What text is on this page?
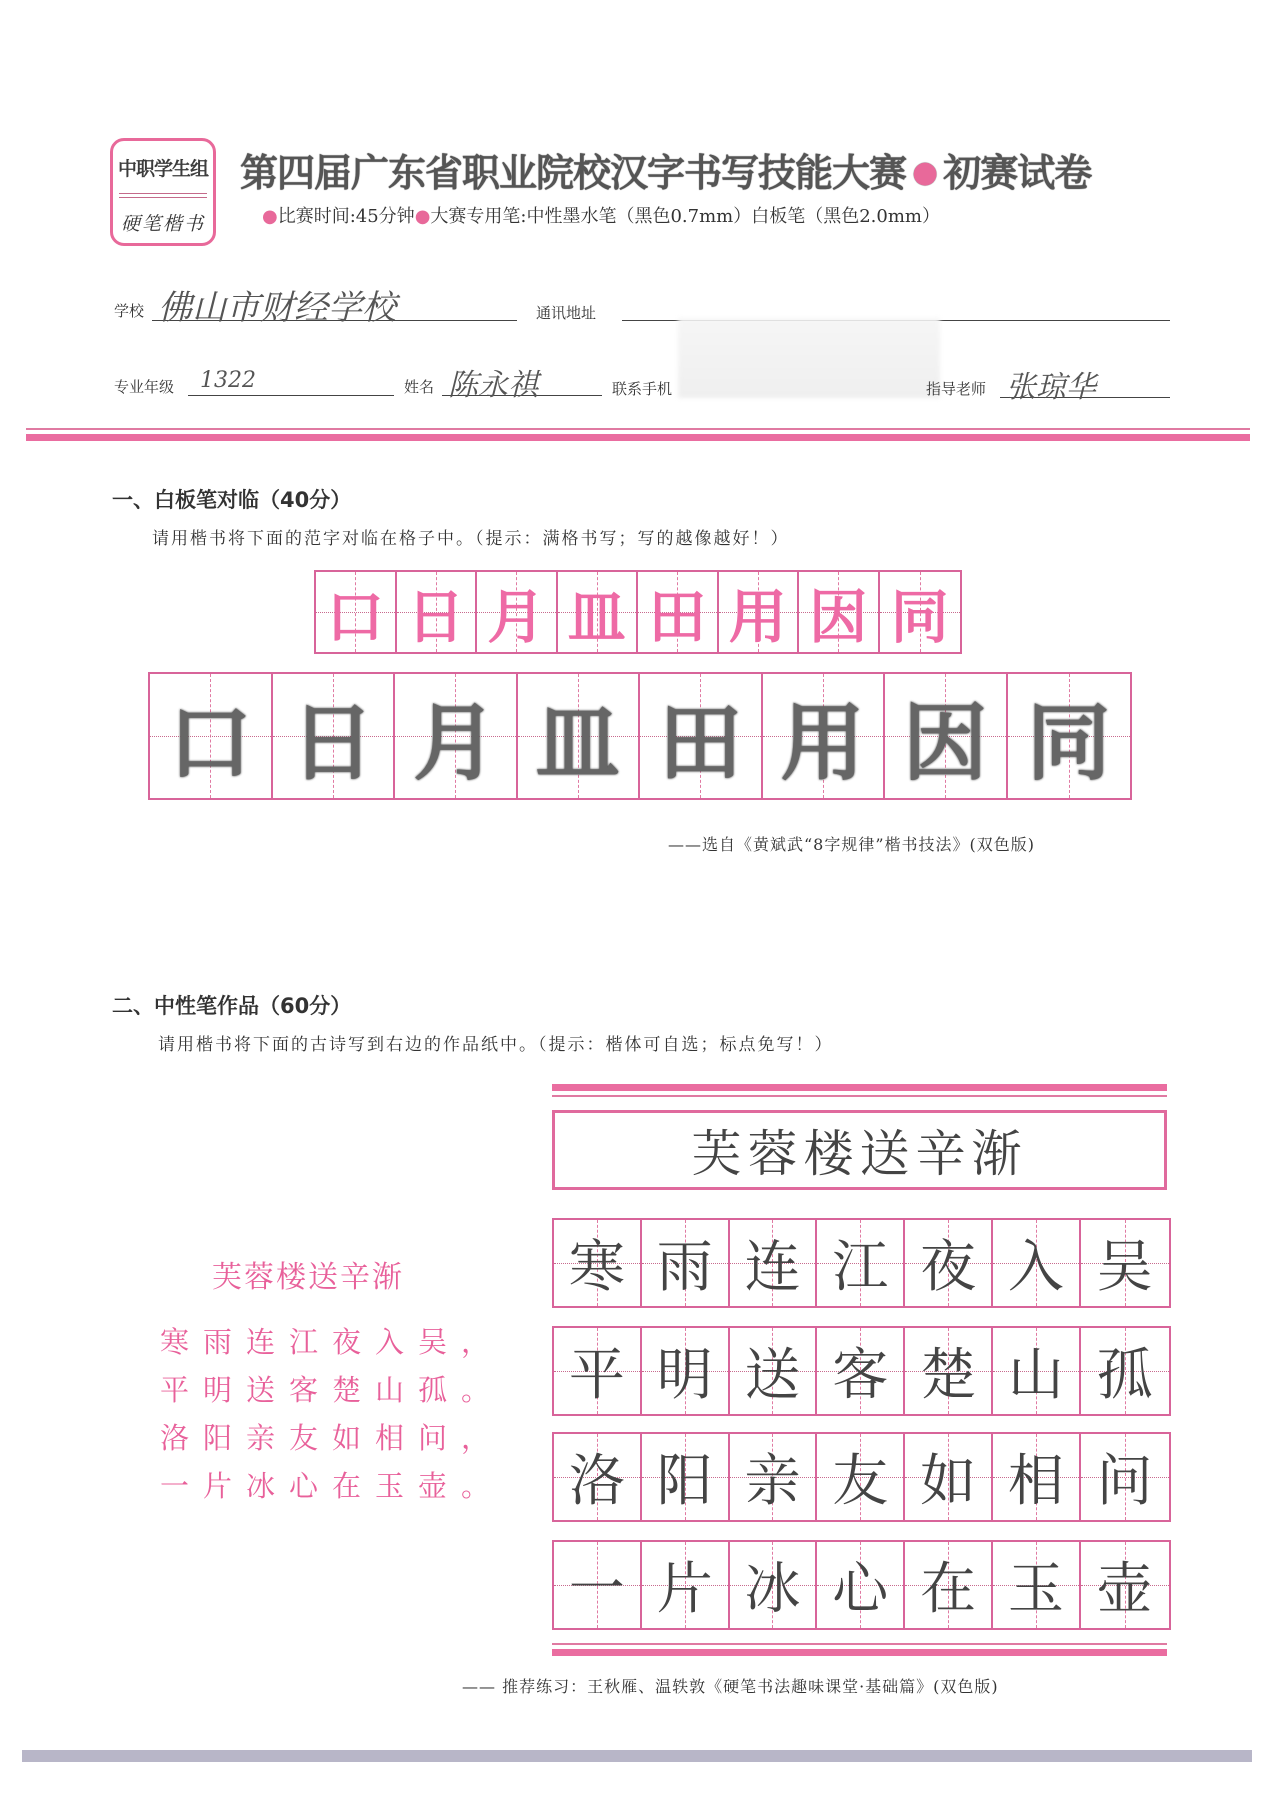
中职学生组
硬笔楷书
第四届广东省职业院校汉字书写技能大赛 ● 初赛试卷
●比赛时间:45分钟●大赛专用笔:中性墨水笔（黑色0.7mm）白板笔（黑色2.0mm）
学校 佛山市财经学校	通讯地址
专业年级 1322	姓名 陈永祺	联系手机	指导老师 张琼华
一、白板笔对临（40分）
请用楷书将下面的范字对临在格子中。（提示：满格书写；写的越像越好！）
口 日 月 皿 田 用 因 同
口 日 月 皿 田 用 因 同
——选自《黄斌武“8字规律”楷书技法》(双色版)
二、中性笔作品（60分）
请用楷书将下面的古诗写到右边的作品纸中。（提示：楷体可自选；标点免写！）
芙蓉楼送辛渐
寒雨连江夜入吴，
平明送客楚山孤。
洛阳亲友如相问，
一片冰心在玉壶。
芙蓉楼送辛渐
寒 雨 连 江 夜 入 吴
平 明 送 客 楚 山 孤
洛 阳 亲 友 如 相 问
一 片 冰 心 在 玉 壶
—— 推荐练习：王秋雁、温轶敦《硬笔书法趣味课堂·基础篇》(双色版)
